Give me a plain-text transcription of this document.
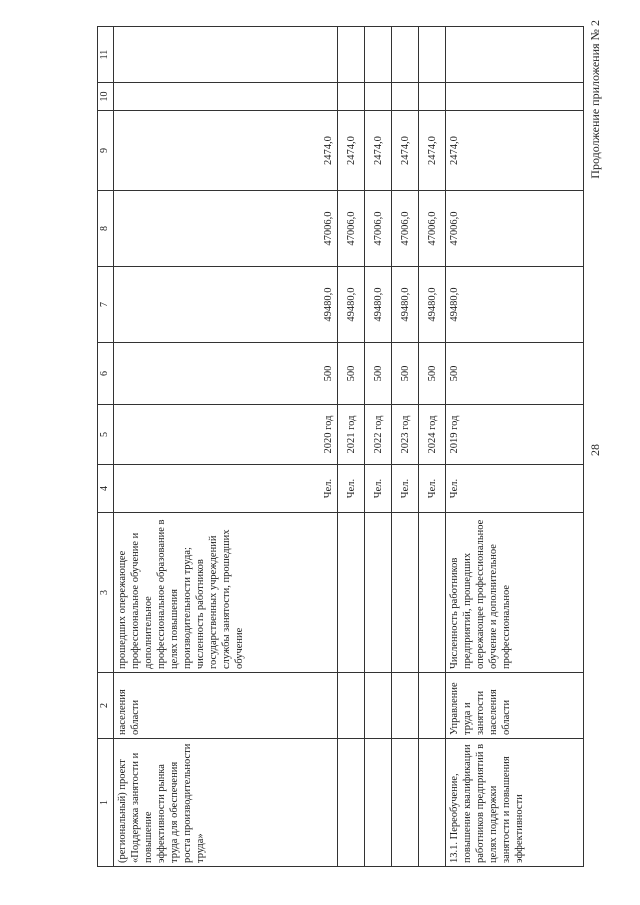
Продолжение приложения № 2
28
1	2	3	4	5	6	7	8	9	10	11
(региональный) проект «Поддержка занятости и повышение эффективности рынка труда для обеспечения роста производительности труда»	населения области	прошедших опережающее профессиональное обучение и дополнительное профессиональное образование в целях повышения производительности труда; численность работников государственных учреждений службы занятости, прошедших обучение	Чел.	2020 год	500	49480,0	47006,0	2474,0		
			Чел.	2021 год	500	49480,0	47006,0	2474,0		
			Чел.	2022 год	500	49480,0	47006,0	2474,0		
			Чел.	2023 год	500	49480,0	47006,0	2474,0		
			Чел.	2024 год	500	49480,0	47006,0	2474,0		
13.1. Переобучение, повышение квалификации работников предприятий в целях поддержки занятости и повышения эффективности	Управление труда и занятости населения области	Численность работников предприятий, прошедших опережающее профессиональное обучение и дополнительное профессиональное	Чел.	2019 год	500	49480,0	47006,0	2474,0		
